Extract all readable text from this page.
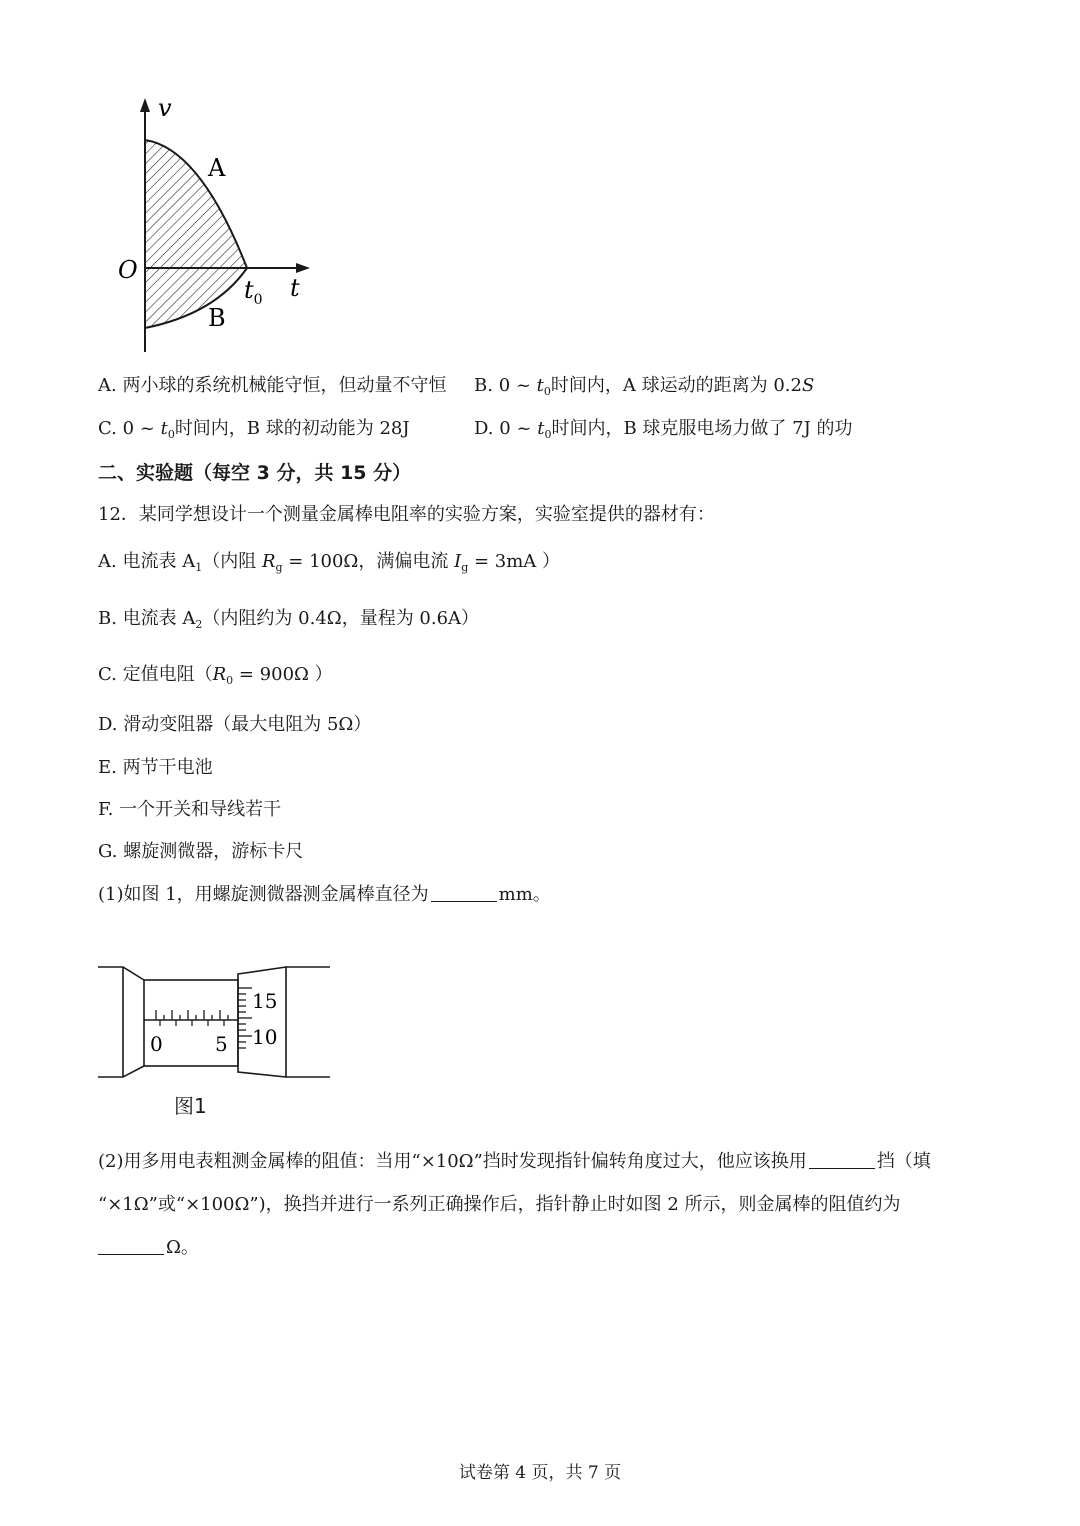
v
O
A
B
$t_0$ t
A. 两小球的系统机械能守恒，但动量不守恒 B. 0 ~ $t_0$时间内，A 球运动的距离为 0.2S
C. 0 ~ $t_0$时间内，B 球的初动能为 28J	D. 0 ~ $t_0$时间内，B 球克服电场力做了 7J 的功
二、实验题（每空 3 分，共 15 分）
12．某同学想设计一个测量金属棒电阻率的实验方案，实验室提供的器材有：
A. 电流表 $A_1$（内阻 $R_g = 100\Omega$，满偏电流 $I_g = 3mA$ ）
B. 电流表 $A_2$（内阻约为 0.4Ω，量程为 0.6A）
C. 定值电阻（$R_0 = 900\Omega$ ）
D. 滑动变阻器（最大电阻为 5Ω）
E. 两节干电池
F. 一个开关和导线若干
G. 螺旋测微器，游标卡尺
(1)如图 1，用螺旋测微器测金属棒直径为	mm。
15
10
0	5
图1
(2)用多用电表粗测金属棒的阻值：当用“×10Ω”挡时发现指针偏转角度过大，他应该换用	挡（填
“×1Ω”或“×100Ω”)，换挡并进行一系列正确操作后，指针静止时如图 2 所示，则金属棒的阻值约为
Ω。
试卷第 4 页，共 7 页
